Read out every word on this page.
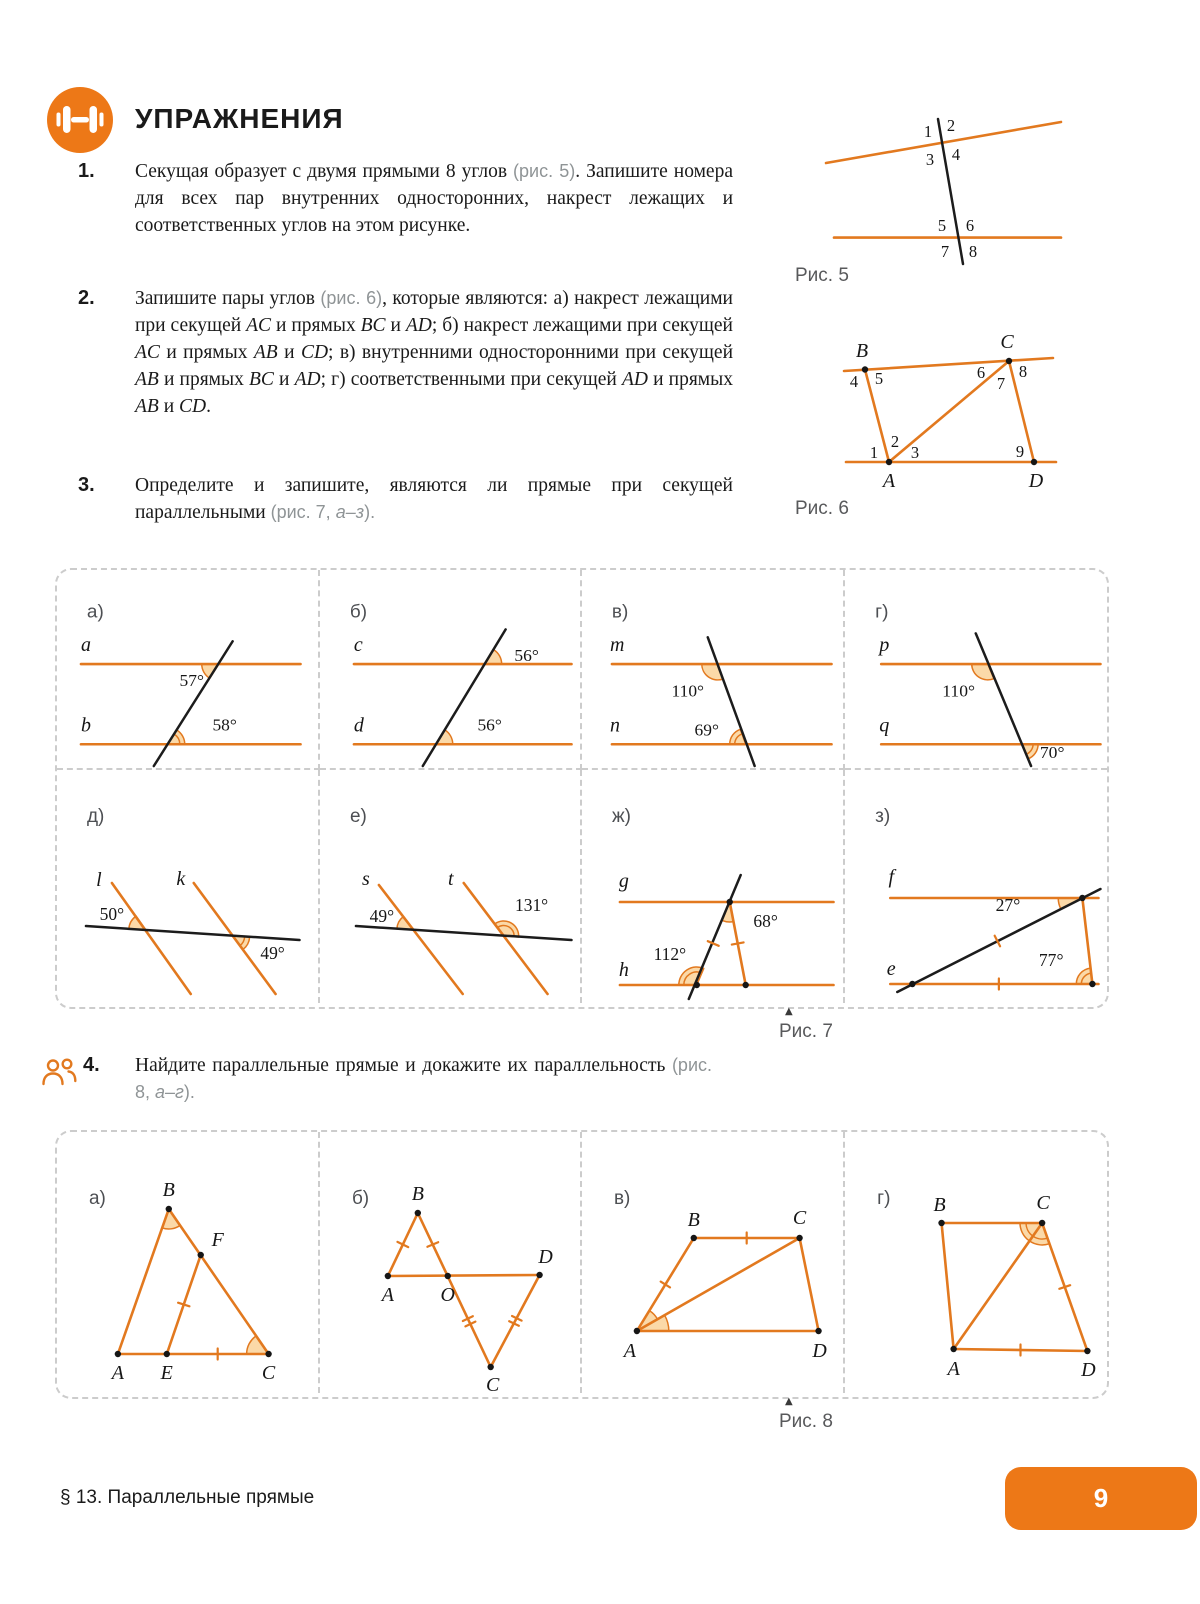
УПРАЖНЕНИЯ
1.	Секущая образует с двумя прямыми 8 углов (рис. 5). Запишите номера для всех пар внутренних односторонних, накрест лежащих и соответственных углов на этом рисунке.
2.	Запишите пары углов (рис. 6), которые являются: а) накрест лежащими при секущей AC и прямых BC и AD; б) накрест лежащими при секущей AC и прямых AB и CD; в) внутренними односторонними при секущей AB и прямых BC и AD; г) соответственными при секущей AD и прямых AB и CD.
3.	Определите и запишите, являются ли прямые при секущей параллельными (рис. 7, а–з).
4.	Найдите параллельные прямые и докажите их параллельность (рис. 8, а–г).
1 2
3 4
5 6
7 8
Рис. 5
B	C
A	D
4 5	6
7
8
1
2
3	9
Рис. 6
а)
a
b
57°
58°
б)
c
d
56°
56°
в)
m
n
110°
69°
г)
p
q
110°
70°
д)
l	k
50°
49°
е)
s	t
49°
131°
ж)
g
h
68°
112°
з)
f
e
27°
77°
▲
Рис. 7
а)	B
F
A E	C
б) B
A O
D
C
в)
B	C
A	D
г) B	C
A	D
▲
Рис. 8
§ 13. Параллельные прямые	9
